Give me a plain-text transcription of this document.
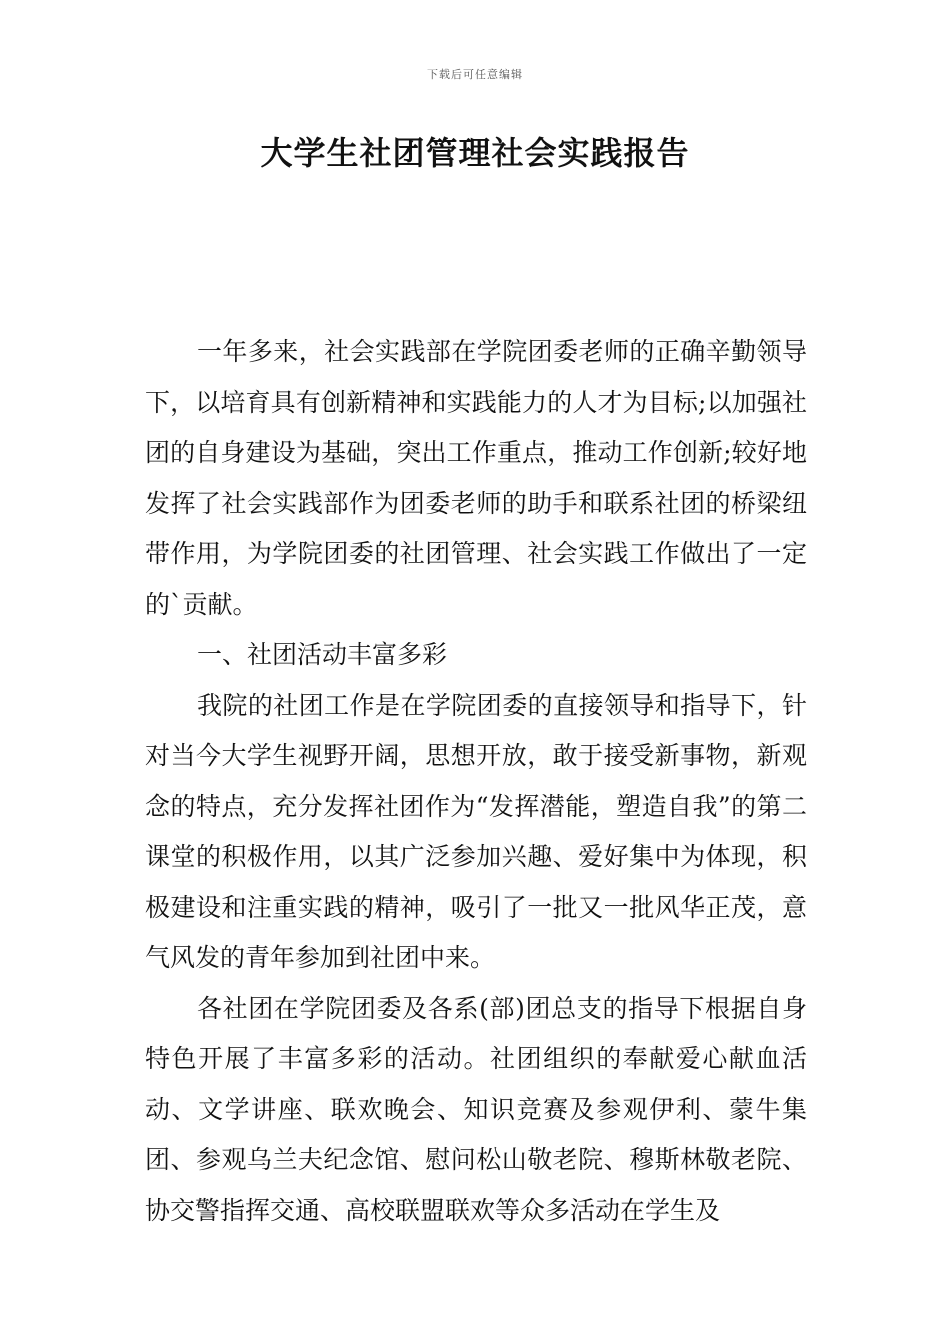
下载后可任意编辑
大学生社团管理社会实践报告

一年多来，社会实践部在学院团委老师的正确辛勤领导下，以培育具有创新精神和实践能力的人才为目标;以加强社团的自身建设为基础，突出工作重点，推动工作创新;较好地发挥了社会实践部作为团委老师的助手和联系社团的桥梁纽带作用，为学院团委的社团管理、社会实践工作做出了一定的`贡献。

一、社团活动丰富多彩

我院的社团工作是在学院团委的直接领导和指导下，针对当今大学生视野开阔，思想开放，敢于接受新事物，新观念的特点，充分发挥社团作为“发挥潜能，塑造自我”的第二课堂的积极作用，以其广泛参加兴趣、爱好集中为体现，积极建设和注重实践的精神，吸引了一批又一批风华正茂，意气风发的青年参加到社团中来。

各社团在学院团委及各系(部)团总支的指导下根据自身特色开展了丰富多彩的活动。社团组织的奉献爱心献血活动、文学讲座、联欢晚会、知识竞赛及参观伊利、蒙牛集团、参观乌兰夫纪念馆、慰问松山敬老院、穆斯林敬老院、协交警指挥交通、高校联盟联欢等众多活动在学生及
